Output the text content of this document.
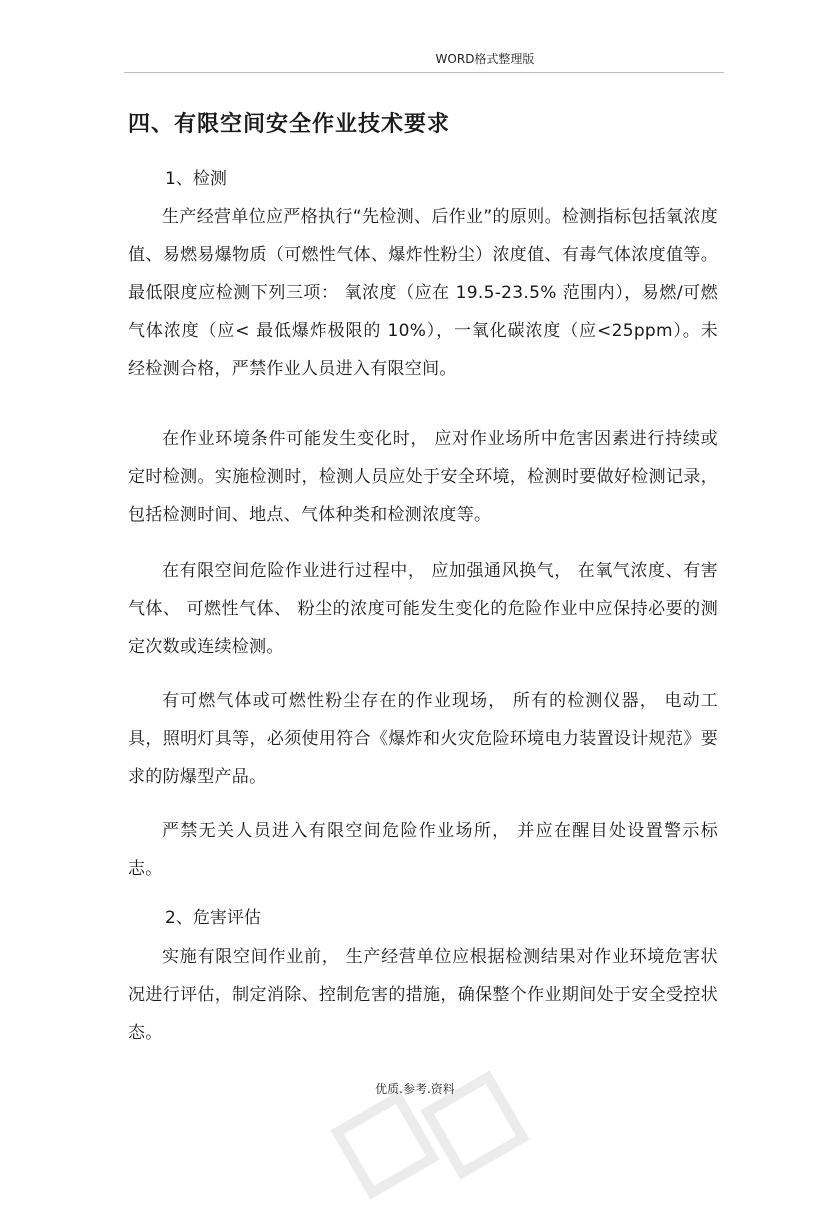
WORD格式整理版
四、有限空间安全作业技术要求
1、检测

生产经营单位应严格执行“先检测、后作业”的原则。检测指标包括氧浓度值、易燃易爆物质（可燃性气体、爆炸性粉尘）浓度值、有毒气体浓度值等。最低限度应检测下列三项： 氧浓度（应在 19.5-23.5% 范围内），易燃/可燃气体浓度（应< 最低爆炸极限的 10%），一氧化碳浓度（应<25ppm）。未经检测合格，严禁作业人员进入有限空间。

在作业环境条件可能发生变化时， 应对作业场所中危害因素进行持续或定时检测。实施检测时，检测人员应处于安全环境，检测时要做好检测记录，包括检测时间、地点、气体种类和检测浓度等。

在有限空间危险作业进行过程中， 应加强通风换气， 在氧气浓度、有害气体、 可燃性气体、 粉尘的浓度可能发生变化的危险作业中应保持必要的测定次数或连续检测。

有可燃气体或可燃性粉尘存在的作业现场， 所有的检测仪器， 电动工具，照明灯具等，必须使用符合《爆炸和火灾危险环境电力装置设计规范》要求的防爆型产品。

严禁无关人员进入有限空间危险作业场所， 并应在醒目处设置警示标志。

2、危害评估

实施有限空间作业前， 生产经营单位应根据检测结果对作业环境危害状况进行评估，制定消除、控制危害的措施，确保整个作业期间处于安全受控状态。

优质.参考.资料
